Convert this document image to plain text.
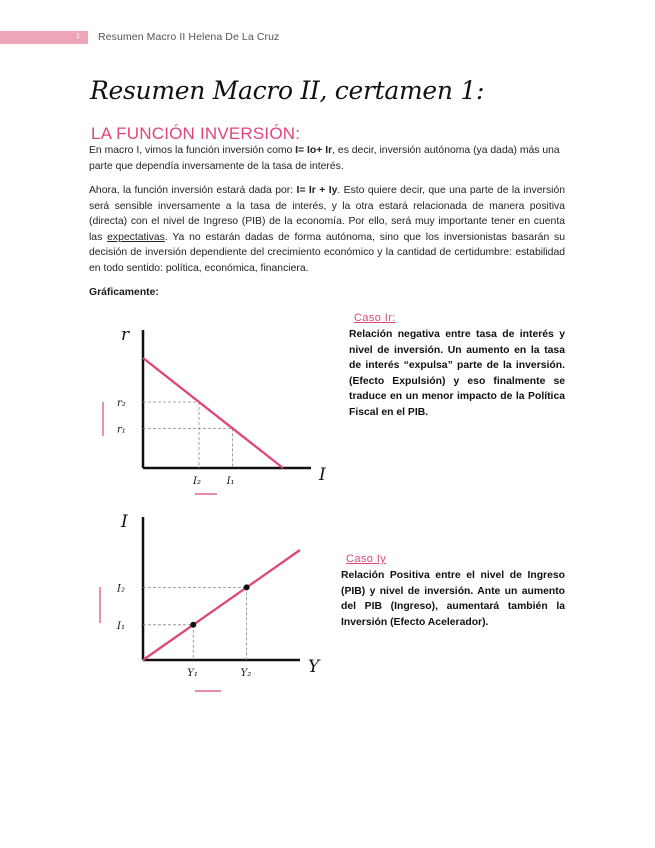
1 Resumen Macro II Helena De La Cruz
Resumen Macro II, certamen 1:
LA FUNCIÓN INVERSIÓN:
En macro I, vimos la función inversión como I= Io+ Ir, es decir, inversión autónoma (ya dada) más una parte que dependía inversamente de la tasa de interés.
Ahora, la función inversión estará dada por: I= Ir + Iy. Esto quiere decir, que una parte de la inversión será sensible inversamente a la tasa de interés, y la otra estará relacionada de manera positiva (directa) con el nivel de Ingreso (PIB) de la economía. Por ello, será muy importante tener en cuenta las expectativas. Ya no estarán dadas de forma autónoma, sino que los inversionistas basarán su decisión de inversión dependiente del crecimiento económico y la cantidad de certidumbre: estabilidad en todo sentido: política, económica, financiera.
Gráficamente:
r
I
r₂
r₁
I₂	I₁
I
Y
I₂
I₁
Y₁	Y₂
Caso Ir:
Relación negativa entre tasa de interés y nivel de inversión. Un aumento en la tasa de interés “expulsa” parte de la inversión. (Efecto Expulsión) y eso finalmente se traduce en un menor impacto de la Política Fiscal en el PIB.
Caso Iy
Relación Positiva entre el nivel de Ingreso (PIB) y nivel de inversión. Ante un aumento del PIB (Ingreso), aumentará también la Inversión (Efecto Acelerador).
